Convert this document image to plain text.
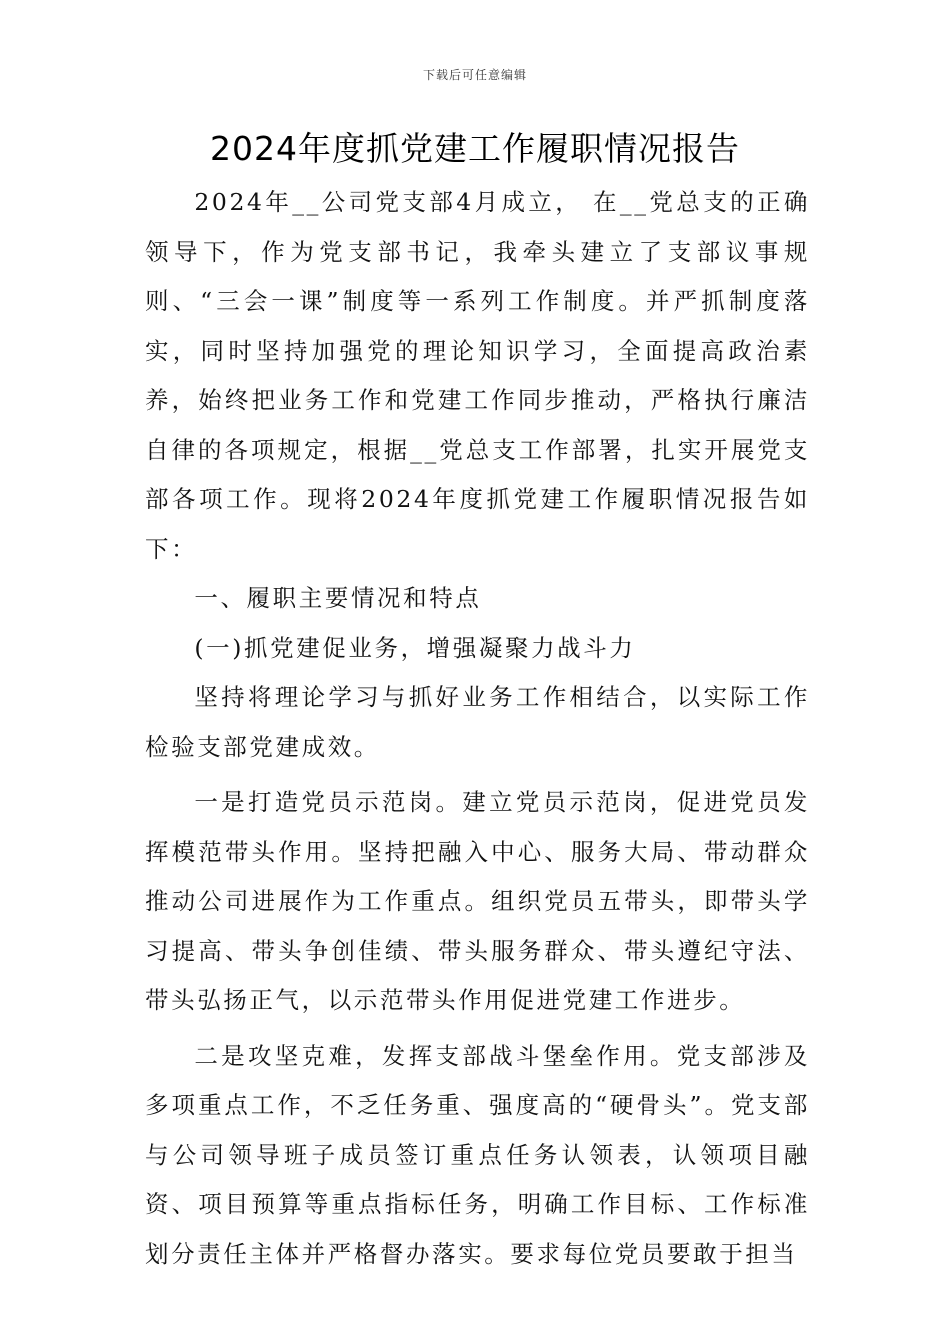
下载后可任意编辑
2024年度抓党建工作履职情况报告

2024年__公司党支部4月成立， 在__党总支的正确领导下，作为党支部书记，我牵头建立了支部议事规则、“三会一课”制度等一系列工作制度。并严抓制度落实，同时坚持加强党的理论知识学习，全面提高政治素养，始终把业务工作和党建工作同步推动，严格执行廉洁自律的各项规定，根据__党总支工作部署，扎实开展党支部各项工作。现将2024年度抓党建工作履职情况报告如下：

一、履职主要情况和特点

(一)抓党建促业务，增强凝聚力战斗力

坚持将理论学习与抓好业务工作相结合，以实际工作检验支部党建成效。

一是打造党员示范岗。建立党员示范岗，促进党员发挥模范带头作用。坚持把融入中心、服务大局、带动群众推动公司进展作为工作重点。组织党员五带头，即带头学习提高、带头争创佳绩、带头服务群众、带头遵纪守法、带头弘扬正气，以示范带头作用促进党建工作进步。

二是攻坚克难，发挥支部战斗堡垒作用。党支部涉及多项重点工作，不乏任务重、强度高的“硬骨头”。党支部与公司领导班子成员签订重点任务认领表，认领项目融资、项目预算等重点指标任务，明确工作目标、工作标准划分责任主体并严格督办落实。要求每位党员要敢于担当
